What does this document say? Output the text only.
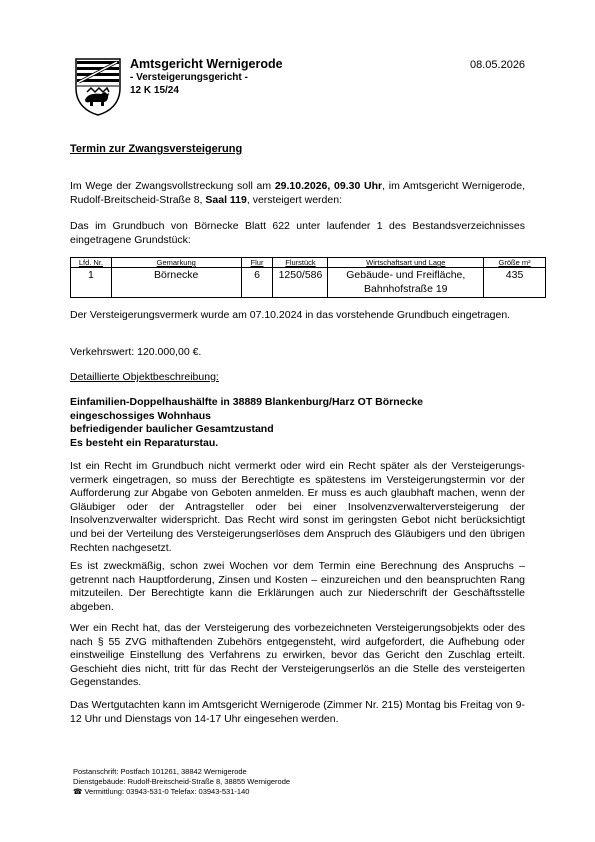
Amtsgericht Wernigerode
- Versteigerungsgericht -
12 K 15/24
08.05.2026
Termin zur Zwangsversteigerung
Im Wege der Zwangsvollstreckung soll am 29.10.2026, 09.30 Uhr, im Amtsgericht Wernigerode, Rudolf-Breitscheid-Straße 8, Saal 119, versteigert werden:
Das im Grundbuch von Börnecke Blatt 622 unter laufender 1 des Bestandsverzeichnisses eingetragene Grundstück:
Lfd. Nr.	Gemarkung	Flur	Flurstück	Wirtschaftsart und Lage	Größe m²
1	Börnecke	6	1250/586	Gebäude- und Freifläche, Bahnhofstraße 19	435
Der Versteigerungsvermerk wurde am 07.10.2024 in das vorstehende Grundbuch eingetragen.
Verkehrswert: 120.000,00 €.
Detaillierte Objektbeschreibung:
Einfamilien-Doppelhaushälfte in 38889 Blankenburg/Harz OT Börnecke
eingeschossiges Wohnhaus
befriedigender baulicher Gesamtzustand
Es besteht ein Reparaturstau.
Ist ein Recht im Grundbuch nicht vermerkt oder wird ein Recht später als der Versteigerungsvermerk eingetragen, so muss der Berechtigte es spätestens im Versteigerungstermin vor der Aufforderung zur Abgabe von Geboten anmelden. Er muss es auch glaubhaft machen, wenn der Gläubiger oder der Antragsteller oder bei einer Insolvenzverwalterversteigerung der Insolvenzverwalter widerspricht. Das Recht wird sonst im geringsten Gebot nicht berücksichtigt und bei der Verteilung des Versteigerungserlöses dem Anspruch des Gläubigers und den übrigen Rechten nachgesetzt.
Es ist zweckmäßig, schon zwei Wochen vor dem Termin eine Berechnung des Anspruchs – getrennt nach Hauptforderung, Zinsen und Kosten – einzureichen und den beanspruchten Rang mitzuteilen. Der Berechtigte kann die Erklärungen auch zur Niederschrift der Geschäftsstelle abgeben.
Wer ein Recht hat, das der Versteigerung des vorbezeichneten Versteigerungsobjekts oder des nach § 55 ZVG mithaftenden Zubehörs entgegensteht, wird aufgefordert, die Aufhebung oder einstweilige Einstellung des Verfahrens zu erwirken, bevor das Gericht den Zuschlag erteilt. Geschieht dies nicht, tritt für das Recht der Versteigerungserlös an die Stelle des versteigerten Gegenstandes.
Das Wertgutachten kann im Amtsgericht Wernigerode (Zimmer Nr. 215) Montag bis Freitag von 9-12 Uhr und Dienstags von 14-17 Uhr eingesehen werden.
Postanschrift: Postfach 101261, 38842 Wernigerode
Dienstgebäude: Rudolf-Breitscheid-Straße 8, 38855 Wernigerode
☎ Vermittlung: 03943-531-0 Telefax: 03943-531-140
